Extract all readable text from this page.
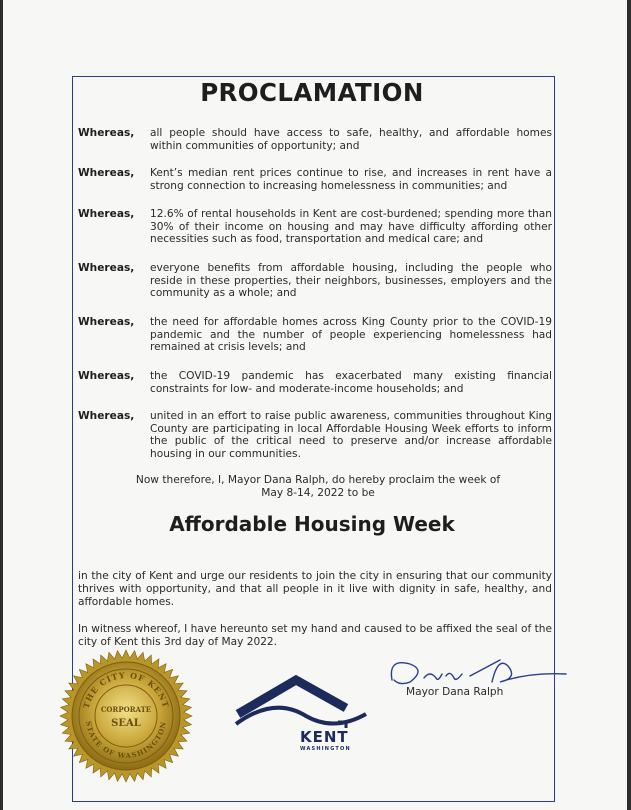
PROCLAMATION
Whereas, all people should have access to safe, healthy, and affordable homes within communities of opportunity; and
Whereas, Kent’s median rent prices continue to rise, and increases in rent have a strong connection to increasing homelessness in communities; and
Whereas, 12.6% of rental households in Kent are cost-burdened; spending more than 30% of their income on housing and may have difficulty affording other necessities such as food, transportation and medical care; and
Whereas, everyone benefits from affordable housing, including the people who reside in these properties, their neighbors, businesses, employers and the community as a whole; and
Whereas, the need for affordable homes across King County prior to the COVID-19 pandemic and the number of people experiencing homelessness had remained at crisis levels; and
Whereas, the COVID-19 pandemic has exacerbated many existing financial constraints for low- and moderate-income households; and
Whereas, united in an effort to raise public awareness, communities throughout King County are participating in local Affordable Housing Week efforts to inform the public of the critical need to preserve and/or increase affordable housing in our communities.
Now therefore, I, Mayor Dana Ralph, do hereby proclaim the week of
May 8-14, 2022 to be
Affordable Housing Week
in the city of Kent and urge our residents to join the city in ensuring that our community thrives with opportunity, and that all people in it live with dignity in safe, healthy, and affordable homes.
In witness whereof, I have hereunto set my hand and caused to be affixed the seal of the city of Kent this 3rd day of May 2022.
THE CITY OF KENT
STATE OF WASHINGTON
CORPORATE
SEAL
KENT
WASHINGTON
Mayor Dana Ralph
